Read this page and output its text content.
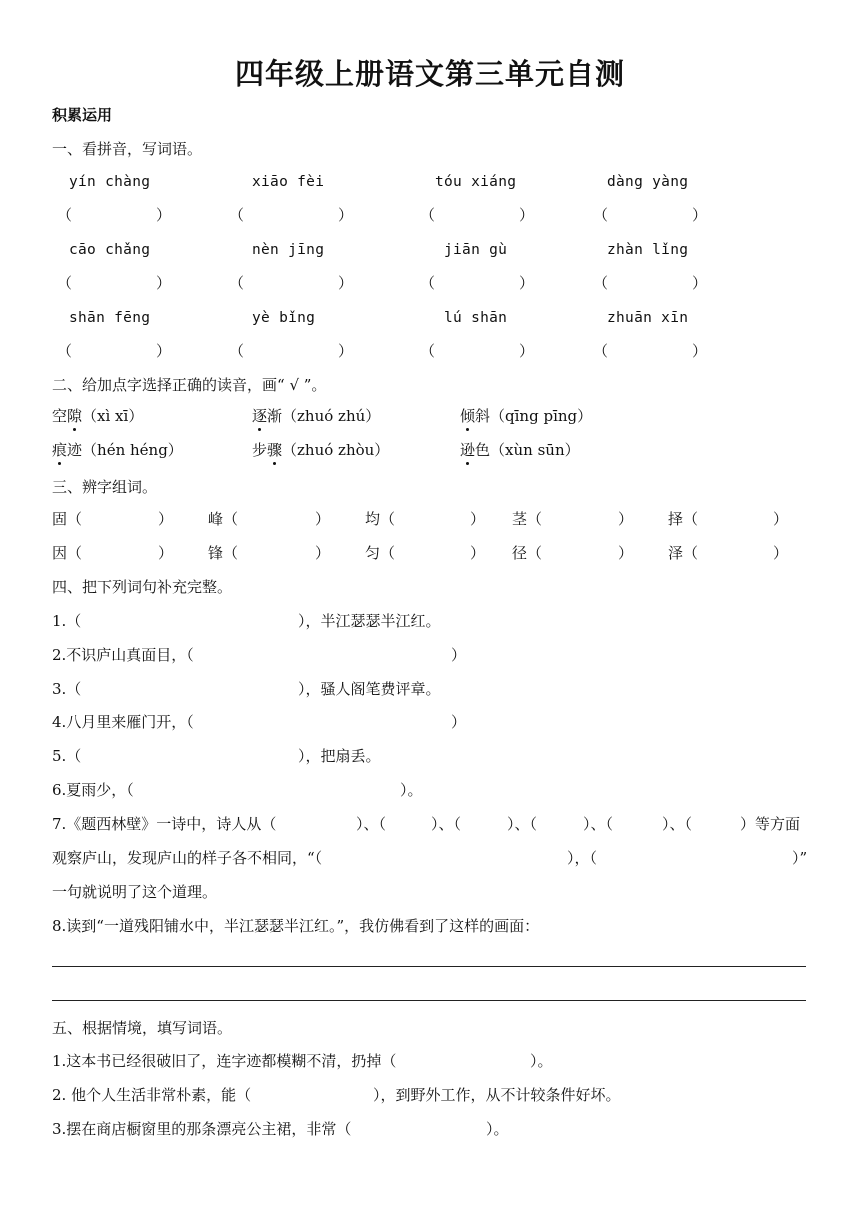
四年级上册语文第三单元自测
积累运用
一、看拼音，写词语。
yín chàng	xiāo fèi	tóu xiáng	dàng yàng
（	）	（	）	（	）	（	）
cāo chǎng	nèn jīng	jiān gù	zhàn lǐng
（	）	（	）	（	）	（	）
shān fēng	yè bǐng	lú shān	zhuān xīn
（	）	（	）	（	）	（	）
二、给加点字选择正确的读音，画“ √ ”。
空隙（xì xī）	逐渐（zhuó zhú）	倾斜（qīng pīng）
痕迹（hén héng）	步骤（zhuó zhòu）	逊色（xùn sūn）
三、辨字组词。
固（	） 峰（	） 均（	） 茎（	） 择（	）
因（	） 锋（	） 匀（	） 径（	） 泽（	）
四、把下列词句补充完整。
1.（	），半江瑟瑟半江红。
2.不识庐山真面目，（	）
3.（	），骚人阁笔费评章。
4.八月里来雁门开，（	）
5.（	），把扇丢。
6.夏雨少，（	）。
7.《题西林壁》一诗中，诗人从（	）、（	）、（	）、（	）、（	）、（	）等方面
观察庐山，发现庐山的样子各不相同，“（	），（	）”
一句就说明了这个道理。
8.读到“一道残阳铺水中，半江瑟瑟半江红。”，我仿佛看到了这样的画面：
五、根据情境，填写词语。
1.这本书已经很破旧了，连字迹都模糊不清，扔掉（	）。
2. 他个人生活非常朴素，能（	），到野外工作，从不计较条件好坏。
3.摆在商店橱窗里的那条漂亮公主裙，非常（	）。
